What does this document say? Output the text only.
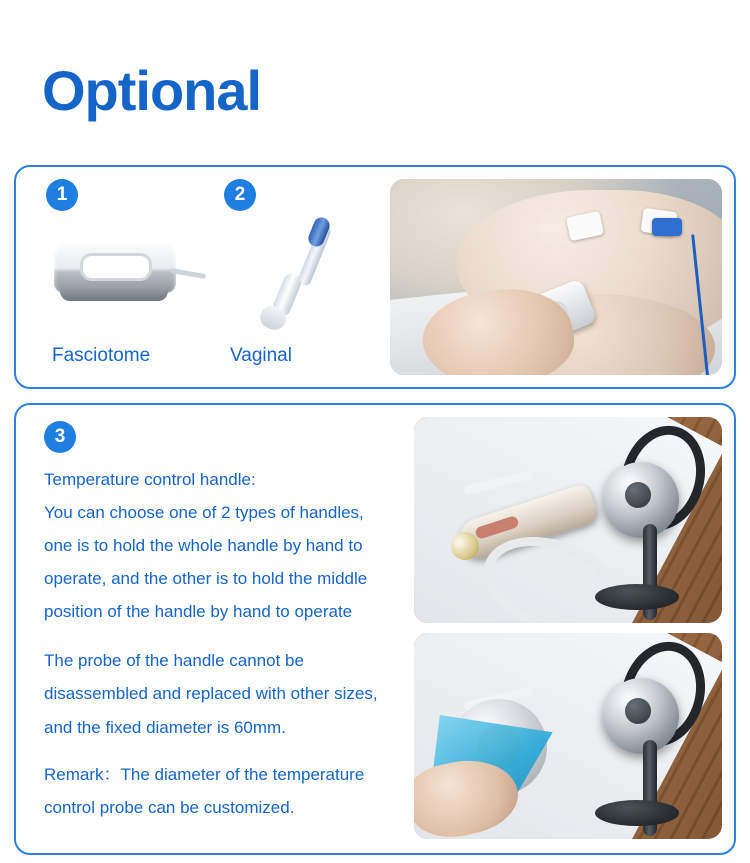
Optional
1
Fasciotome
2
Vaginal
3
Temperature control handle:
You can choose one of 2 types of handles,
one is to hold the whole handle by hand to
operate, and the other is to hold the middle
position of the handle by hand to operate
The probe of the handle cannot be
disassembled and replaced with other sizes,
and the fixed diameter is 60mm.
Remark：The diameter of the temperature
control probe can be customized.
